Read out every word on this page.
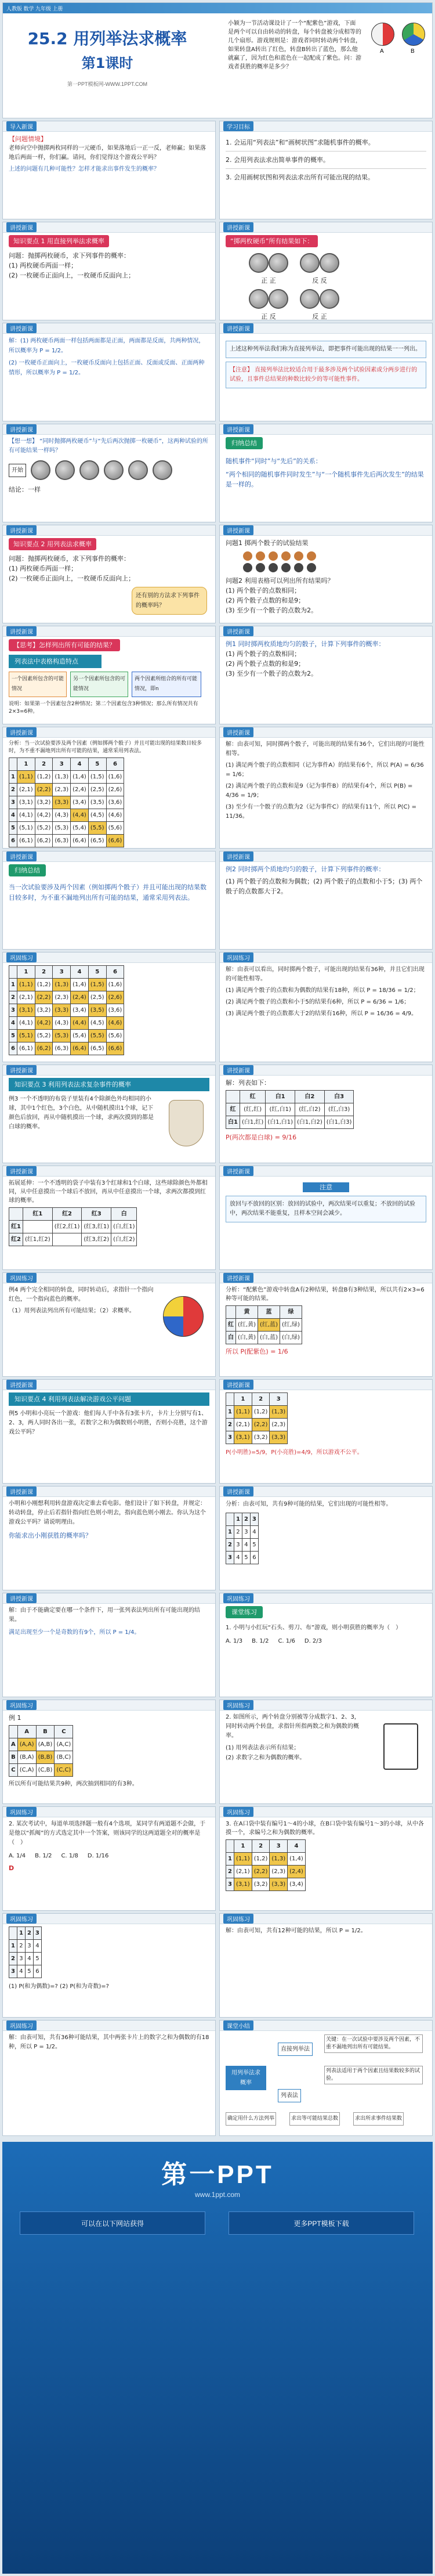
人教版 数学 九年级 上册
25.2 用列举法求概率
第1课时
第一PPT模板网-WWW.1PPT.COM
小颖为一节活动课设计了一个“配紫色”游戏，下面是两个可以自由转动的转盘，每个转盘被分成相等的几个扇形。游戏规则是：游戏者同时转动两个转盘，如果转盘A转出了红色，转盘B转出了蓝色，那么他就赢了，因为红色和蓝色在一起配成了紫色。问：游戏者获胜的概率是多少？
A	B
导入新课
【问题情境】
老师向空中抛掷两枚同样的一元硬币，如果落地后一正一反，老师赢；如果落地后两面一样，你们赢。请问，你们觉得这个游戏公平吗？
上述的问题有几种可能性？怎样才能求出事件发生的概率？
学习目标
1. 会运用“列表法”和“画树状图”求随机事件的概率。
2. 会用列表法求出简单事件的概率。
3. 会用画树状图和列表法求出所有可能出现的结果。
讲授新课
知识要点 1 用直接列举法求概率
问题：抛掷两枚硬币，求下列事件的概率：
(1) 两枚硬币两面一样；
(2) 一枚硬币正面向上，一枚硬币反面向上；
讲授新课
“掷两枚硬币”所有结果如下：
正 正	反 反
正 反	反 正
讲授新课
解：(1) 两枚硬币两面一样包括两面都是正面，两面都是反面，共两种情况，所以概率为 P = 1/2。
(2) 一枚硬币正面向上，一枚硬币反面向上包括正面、反面或反面、正面两种情形，所以概率为 P = 1/2。
讲授新课
上述这种列举法我们称为直接列举法，即把事件可能出现的结果一一列出。
【注意】 直接列举法比较适合用于最多涉及两个试验因素或分两步进行的试验，且事件总结果的种数比较少的等可能性事件。
讲授新课
【想一想】 “同时抛掷两枚硬币”与“先后两次抛掷一枚硬币”，这两种试验的所有可能结果一样吗？
开始
结论：一样
讲授新课
归纳总结
随机事件“同时”与“先后”的关系：
“两个相同的随机事件同时发生”与“一个随机事件先后两次发生”的结果是一样的。
讲授新课
知识要点 2 用列表法求概率
问题：抛掷两枚硬币，求下列事件的概率：
(1) 两枚硬币两面一样；
(2) 一枚硬币正面向上，一枚硬币反面向上；
还有别的方法求下列事件的概率吗？
讲授新课
问题1 掷两个骰子的试验结果
问题2 利用表格可以列出所有结果吗？
(1) 两个骰子的点数相同；
(2) 两个骰子点数的和是9；
(3) 至少有一个骰子的点数为2。
讲授新课
【思考】怎样列出所有可能的结果？
列表法中表格构造特点
一个因素所包含的可能情况
另一个因素所包含的可能情况
两个因素所组合的所有可能情况，即n
说明：如果第一个因素包含2种情况；第二个因素包含3种情况；那么所有情况共有2×3=6种。
讲授新课
例1 同时掷两枚质地均匀的骰子，计算下列事件的概率：
(1) 两个骰子的点数相同；
(2) 两个骰子点数的和是9；
(3) 至少有一个骰子的点数为2。
讲授新课
分析：当一次试验要涉及两个因素（例如掷两个骰子）并且可能出现的结果数目较多时，为不重不漏地列出所有可能的结果，通常采用列表法。
	1	2	3	4	5	6
1	(1,1)	(1,2)	(1,3)	(1,4)	(1,5)	(1,6)
2	(2,1)	(2,2)	(2,3)	(2,4)	(2,5)	(2,6)
3	(3,1)	(3,2)	(3,3)	(3,4)	(3,5)	(3,6)
4	(4,1)	(4,2)	(4,3)	(4,4)	(4,5)	(4,6)
5	(5,1)	(5,2)	(5,3)	(5,4)	(5,5)	(5,6)
6	(6,1)	(6,2)	(6,3)	(6,4)	(6,5)	(6,6)
讲授新课
解：由表可知，同时掷两个骰子，可能出现的结果有36个，它们出现的可能性相等。
(1) 满足两个骰子的点数相同（记为事件A）的结果有6个，所以 P(A) = 6/36 = 1/6；
(2) 满足两个骰子的点数和是9（记为事件B）的结果有4个，所以 P(B) = 4/36 = 1/9；
(3) 至少有一个骰子的点数为2（记为事件C）的结果有11个，所以 P(C) = 11/36。
讲授新课
归纳总结
当一次试验要涉及两个因素（例如掷两个骰子）并且可能出现的结果数目较多时，为不重不漏地列出所有可能的结果，通常采用列表法。
讲授新课
例2 同时掷两个质地均匀的骰子，计算下列事件的概率：
(1) 两个骰子的点数和为偶数；(2) 两个骰子的点数和小于5；(3) 两个骰子的点数都大于2。
巩固练习
	1	2	3	4	5	6
1	(1,1)	(1,2)	(1,3)	(1,4)	(1,5)	(1,6)
2	(2,1)	(2,2)	(2,3)	(2,4)	(2,5)	(2,6)
3	(3,1)	(3,2)	(3,3)	(3,4)	(3,5)	(3,6)
4	(4,1)	(4,2)	(4,3)	(4,4)	(4,5)	(4,6)
5	(5,1)	(5,2)	(5,3)	(5,4)	(5,5)	(5,6)
6	(6,1)	(6,2)	(6,3)	(6,4)	(6,5)	(6,6)
巩固练习
解：由表可以看出，同时掷两个骰子，可能出现的结果有36种，并且它们出现的可能性相等。
(1) 满足两个骰子的点数和为偶数的结果有18种，所以 P = 18/36 = 1/2；
(2) 满足两个骰子的点数和小于5的结果有6种，所以 P = 6/36 = 1/6；
(3) 满足两个骰子的点数都大于2的结果有16种，所以 P = 16/36 = 4/9。
讲授新课
知识要点 3 利用列表法求复杂事件的概率
例3 一个不透明的布袋子里装有4个除颜色外均相同的小球，其中1个红色，3个白色，从中随机摸出1个球，记下颜色后放回，再从中随机摸出一个球，求两次摸到的都是白球的概率。
讲授新课
解：列表如下：
	红	白1	白2	白3
红	(红,红)	(红,白1)	(红,白2)	(红,白3)
白1	(白1,红)	(白1,白1)	(白1,白2)	(白1,白3)
P(两次都是白球) = 9/16
讲授新课
拓展延伸：一个不透明的袋子中装有3个红球和1个白球，这些球除颜色外都相同，从中任意摸出一个球后不放回，再从中任意摸出一个球，求两次都摸到红球的概率。
	红1	红2	红3	白
红1		(红2,红1)	(红3,红1)	(白,红1)
红2	(红1,红2)		(红3,红2)	(白,红2)
讲授新课
注意
放回与不放回的区别：放回的试验中，两次结果可以重复；不放回的试验中，两次结果不能重复，且样本空间会减少。
巩固练习
例4 两个完全相同的转盘，同时转动后，求指针一个指向红色，一个指向蓝色的概率。
（1）用列表法列出所有可能结果；（2）求概率。
讲授新课
分析：“配紫色”游戏中转盘A有2种结果，转盘B有3种结果，所以共有2×3=6种等可能的结果。
	黄	蓝	绿
红	(红,黄)	(红,蓝)	(红,绿)
白	(白,黄)	(白,蓝)	(白,绿)
所以 P(配紫色) = 1/6
讲授新课
知识要点 4 利用列表法解决游戏公平问题
例5 小明和小亮玩一个游戏：他们每人手中各有3张卡片，卡片上分别写有1、2、3，两人同时各出一张，若数字之和为偶数则小明胜，否则小亮胜，这个游戏公平吗？
讲授新课
	1	2	3
1	(1,1)	(1,2)	(1,3)
2	(2,1)	(2,2)	(2,3)
3	(3,1)	(3,2)	(3,3)
P(小明胜)=5/9，P(小亮胜)=4/9，所以游戏不公平。
讲授新课
小明和小刚想利用转盘游戏决定谁去看电影。他们设计了如下转盘，并规定：转动转盘，停止后若指针指向红色则小明去，指向蓝色则小刚去。你认为这个游戏公平吗？请说明理由。
你能求出小刚获胜的概率吗？
讲授新课
分析：由表可知，共有9种可能的结果，它们出现的可能性相等。
	1	2	3
1	2	3	4
2	3	4	5
3	4	5	6
讲授新课
解：由于不能确定要在哪一个条件下，用一张列表法列出所有可能出现的结果。
满足出现至少一个是奇数的有9个，所以 P = 1/4。
巩固练习
课堂练习
1. 小明与小红玩“石头、剪刀、布”游戏，则小明获胜的概率为（　）
A. 1/3 B. 1/2 C. 1/6 D. 2/3
巩固练习
例 1
	A	B	C
A	(A,A)	(A,B)	(A,C)
B	(B,A)	(B,B)	(B,C)
C	(C,A)	(C,B)	(C,C)
所以所有可能结果共9种，两次抽到相同的有3种。
巩固练习
2. 如图所示，两个转盘分别被等分成数字1、2、3，同时转动两个转盘，求指针所指两数之和为偶数的概率。
(1) 用列表法表示所有结果；
(2) 求数字之和为偶数的概率。
巩固练习
2. 某次考试中，每道单项选择题一般有4个选项，某同学有两道题不会做，于是他以“抓阄”的方式选定其中一个答案，则该同学的这两道题全对的概率是（　）
A. 1/4 B. 1/2 C. 1/8 D. 1/16
D
巩固练习
3. 在A口袋中装有编号1～4的小球，在B口袋中装有编号1～3的小球，从中各摸一个，求编号之和为偶数的概率。
	1	2	3	4
1	(1,1)	(1,2)	(1,3)	(1,4)
2	(2,1)	(2,2)	(2,3)	(2,4)
3	(3,1)	(3,2)	(3,3)	(3,4)
巩固练习
	1	2	3
1	2	3	4
2	3	4	5
3	4	5	6
(1) P(和为偶数)=? (2) P(和为奇数)=?
巩固练习
解：由表可知，共有12种可能的结果，所以 P = 1/2。
巩固练习
解：由表可知，共有36种可能结果，其中两张卡片上的数字之和为偶数的有18种，所以 P = 1/2。
课堂小结
用列举法求概率
直接列举法
列表法
关键：在一次试验中要涉及两个因素，不重不漏地列出所有可能结果。
列表法适用于两个因素且结果数较多的试验。
确定用什么方法列举	求出等可能结果总数	求出所求事件结果数
第一PPT
www.1ppt.com
可以在以下网站获得	更多PPT模板下载
